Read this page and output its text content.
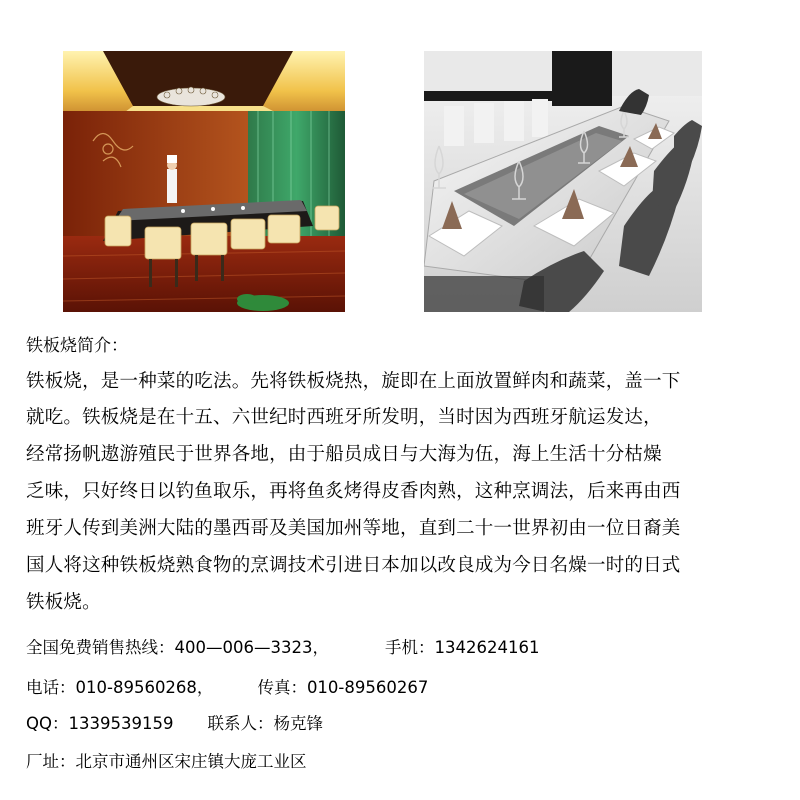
铁板烧简介：
铁板烧，是一种菜的吃法。先将铁板烧热，旋即在上面放置鲜肉和蔬菜，盖一下
就吃。铁板烧是在十五、六世纪时西班牙所发明，当时因为西班牙航运发达，
经常扬帆遨游殖民于世界各地，由于船员成日与大海为伍，海上生活十分枯燥
乏味，只好终日以钓鱼取乐，再将鱼炙烤得皮香肉熟，这种烹调法，后来再由西
班牙人传到美洲大陆的墨西哥及美国加州等地，直到二十一世界初由一位日裔美
国人将这种铁板烧熟食物的烹调技术引进日本加以改良成为今日名燥一时的日式
铁板烧。
全国免费销售热线：400—006—3323，	手机：1342624161
电话：010-89560268，	传真：010-89560267
QQ：1339539159 联系人：杨克锋
厂址：北京市通州区宋庄镇大庞工业区
